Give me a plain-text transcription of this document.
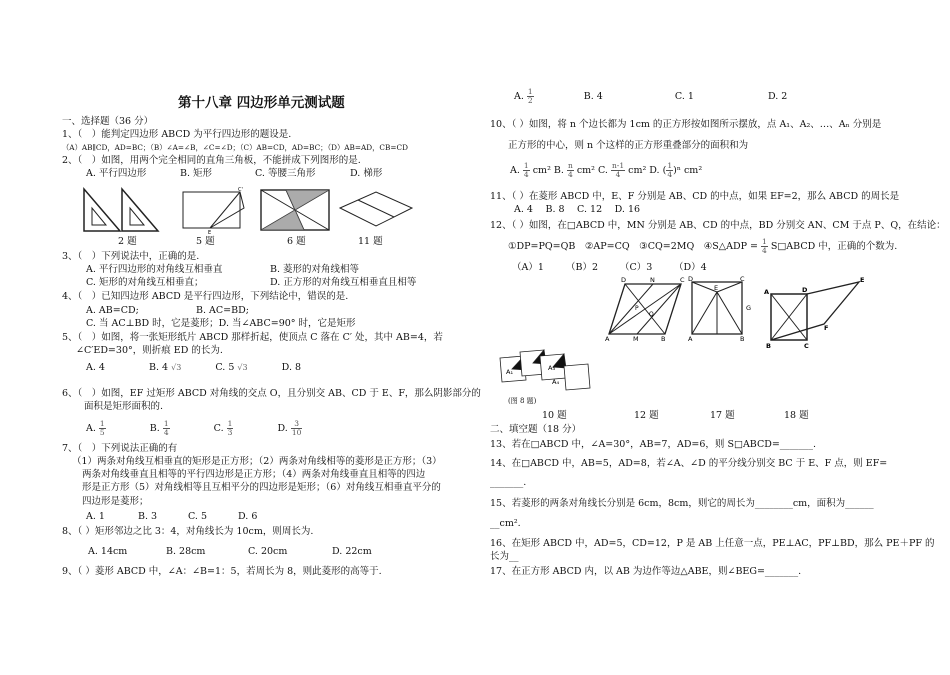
第十八章 四边形单元测试题
一、选择题（36 分）
1、（　）能判定四边形 ABCD 为平行四边形的题设是.
（A）AB∥CD，AD=BC；（B）∠A=∠B，∠C=∠D；（C）AB=CD，AD=BC；（D）AB=AD，CB=CD
2、（　）如图，用两个完全相同的直角三角板，不能拼成下列图形的是.
A. 平行四边形	B. 矩形	C. 等腰三角形	D. 梯形
C'
E
2 题	5 题	6 题	11 题
3、（　）下列说法中，正确的是.
A. 平行四边形的对角线互相垂直	B. 菱形的对角线相等
C. 矩形的对角线互相垂直；	D. 正方形的对角线互相垂直且相等
4、（　）已知四边形 ABCD 是平行四边形，下列结论中，错误的是.
A. AB=CD;	B. AC=BD;
C. 当 AC⊥BD 时，它是菱形；D. 当∠ABC=90° 时，它是矩形
5、（　）如图，将一张矩形纸片 ABCD 那样折起，使顶点 C 落在 C′ 处，其中 AB=4，若
∠C′ED=30°，则折痕 ED 的长为.
A. 4	B. 4 √3	C. 5 √3	D. 8
6、（　）如图，EF 过矩形 ABCD 对角线的交点 O，且分别交 AB、CD 于 E、F，那么阴影部分的
面积是矩形面积的.
A. $\frac{1}{5}$	B. $\frac{1}{4}$	C. $\frac{1}{3}$	D. $\frac{3}{10}$
7、（　）下列说法正确的有
（1）两条对角线互相垂直的矩形是正方形；（2）两条对角线相等的菱形是正方形；（3）
两条对角线垂直且相等的平行四边形是正方形；（4）两条对角线垂直且相等的四边
形是正方形（5）对角线相等且互相平分的四边形是矩形；（6）对角线互相垂直平分的
四边形是菱形；
A. 1	B. 3	C. 5	D. 6
8、（ ）矩形邻边之比 3：4，对角线长为 10cm，则周长为.
A. 14cm	B. 28cm	C. 20cm	D. 22cm
9、（ ）菱形 ABCD 中，∠A：∠B=1：5，若周长为 8，则此菱形的高等于.
A. $\frac{1}{2}$	B. 4	C. 1	D. 2
10、（ ）如图，将 n 个边长都为 1cm 的正方形按如图所示摆放，点 A₁、A₂、…、Aₙ 分别是
正方形的中心，则 n 个这样的正方形重叠部分的面积和为
A. $\frac{1}{4} cm^2$ B. $\frac{n}{4} cm^2$ C. $\frac{n-1}{4} cm^2$ D. ( $\frac{1}{4} )^n$ cm²
11、（ ）在菱形 ABCD 中，E、F 分别是 AB、CD 的中点，如果 EF=2，那么 ABCD 的周长是
A. 4　 B. 8　 C. 12　 D. 16
12、（ ）如图，在□ABCD 中，MN 分别是 AB、CD 的中点，BD 分别交 AN、CM 于点 P、Q，在结论：
①DP=PQ=QB　②AP=CQ　③CQ=2MQ　④S△ADP = $\frac{1}{4}$ S□ABCD 中，正确的个数为.
（A）1 （B）2 （C）3 （D）4
D	N	C
A	M	B
P
Q
D	C
E
G
A	B
A	D
E
F
B	C
A₁	A₃
A₄
(图 8 题)
10 题	12 题	17 题	18 题
二、填空题（18 分）
13、若在□ABCD 中，∠A=30°，AB=7，AD=6，则 S□ABCD=_______.
14、在□ABCD 中，AB=5，AD=8，若∠A、∠D 的平分线分别交 BC 于 E、F 点，则 EF=
_______.
15、若菱形的两条对角线长分别是 6cm，8cm，则它的周长为________cm，面积为______
__cm².
16、在矩形 ABCD 中，AD=5，CD=12，P 是 AB 上任意一点，PE⊥AC，PF⊥BD，那么 PE＋PF 的
长为__
17、在正方形 ABCD 内，以 AB 为边作等边△ABE，则∠BEG=_______.
